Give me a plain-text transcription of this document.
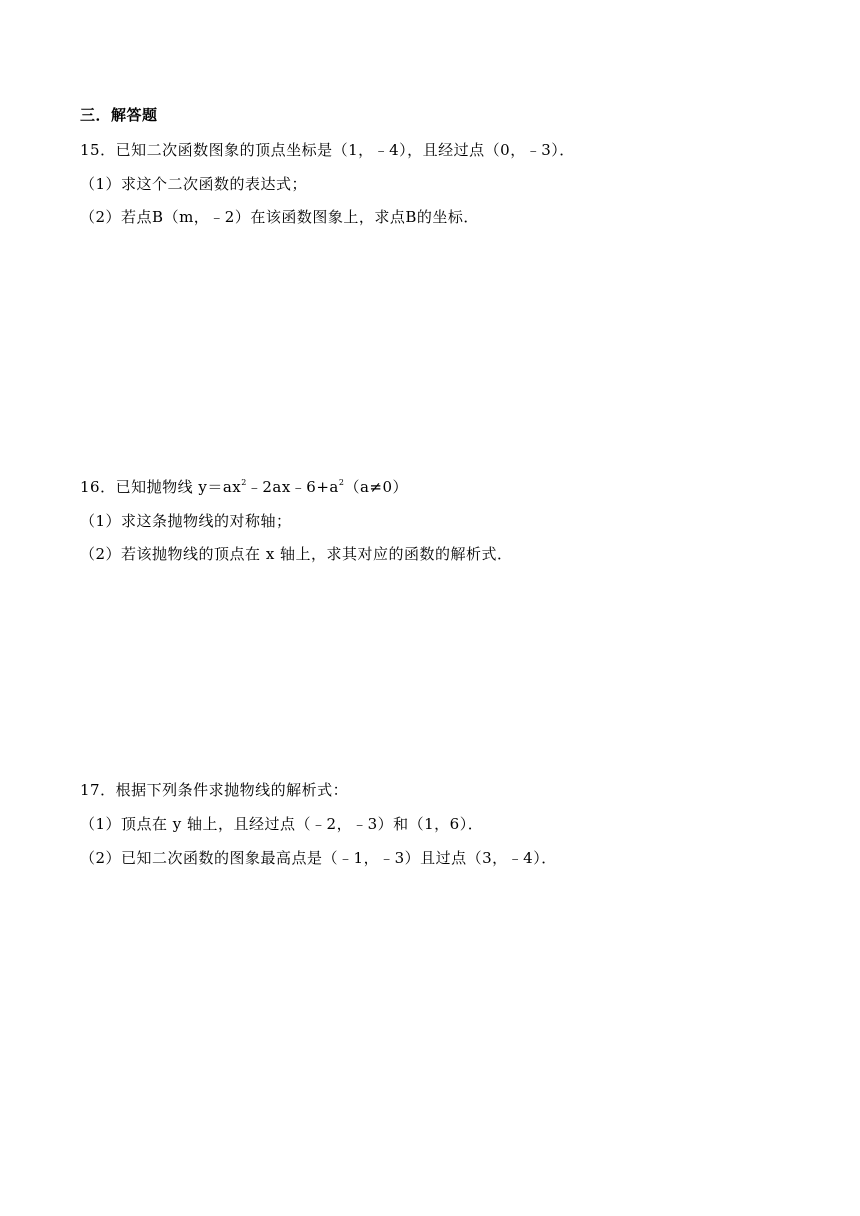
三．解答题
15．已知二次函数图象的顶点坐标是（1，﹣4），且经过点（0，﹣3）．
（1）求这个二次函数的表达式；
（2）若点B（m，﹣2）在该函数图象上，求点B的坐标．
16．已知抛物线 $y=ax^2﹣2ax﹣6+a^2(a\ne 0)$
（1）求这条抛物线的对称轴；
（2）若该抛物线的顶点在 x 轴上，求其对应的函数的解析式．
17．根据下列条件求抛物线的解析式：
（1）顶点在 y 轴上，且经过点（﹣2，﹣3）和（1，6）．
（2）已知二次函数的图象最高点是（﹣1，﹣3）且过点（3，﹣4）．
